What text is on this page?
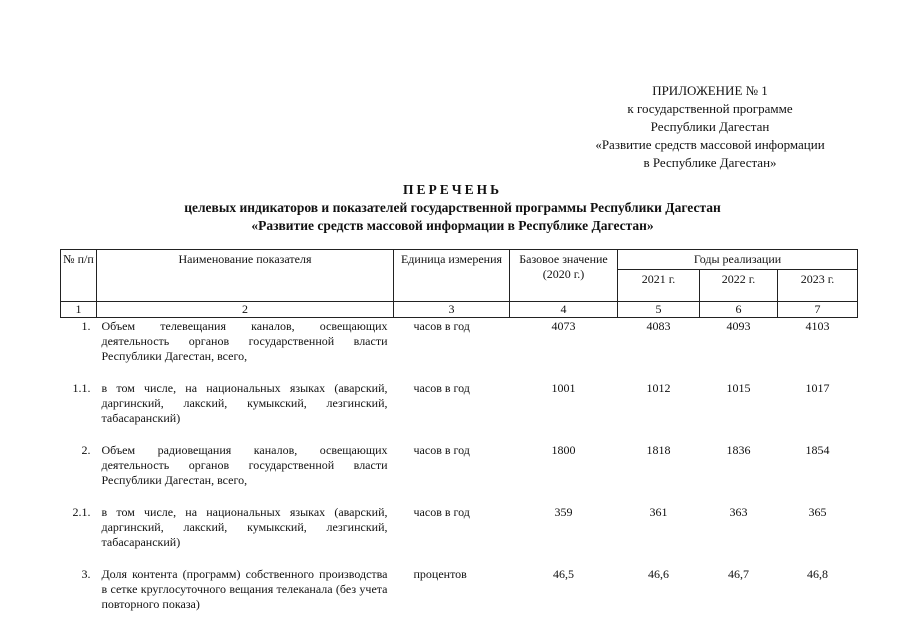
ПРИЛОЖЕНИЕ № 1
к государственной программе
Республики Дагестан
«Развитие средств массовой информации
в Республике Дагестан»
ПЕРЕЧЕНЬ
целевых индикаторов и показателей государственной программы Республики Дагестан
«Развитие средств массовой информации в Республике Дагестан»
№ п/п	Наименование показателя	Единица измерения	Базовое значение (2020 г.)	Годы реализации		
				2021 г.	2022 г.	2023 г.
1	2	3	4	5	6	7
1.	Объем телевещания каналов, освещающих деятельность органов государственной власти Республики Дагестан, всего,	часов в год	4073	4083	4093	4103
1.1.	в том числе, на национальных языках (аварский, даргинский, лакский, кумыкский, лезгинский, табасаранский)	часов в год	1001	1012	1015	1017
2.	Объем радиовещания каналов, освещающих деятельность органов государственной власти Республики Дагестан, всего,	часов в год	1800	1818	1836	1854
2.1.	в том числе, на национальных языках (аварский, даргинский, лакский, кумыкский, лезгинский, табасаранский)	часов в год	359	361	363	365
3.	Доля контента (программ) собственного производства в сетке круглосуточного вещания телеканала (без учета повторного показа)	процентов	46,5	46,6	46,7	46,8
